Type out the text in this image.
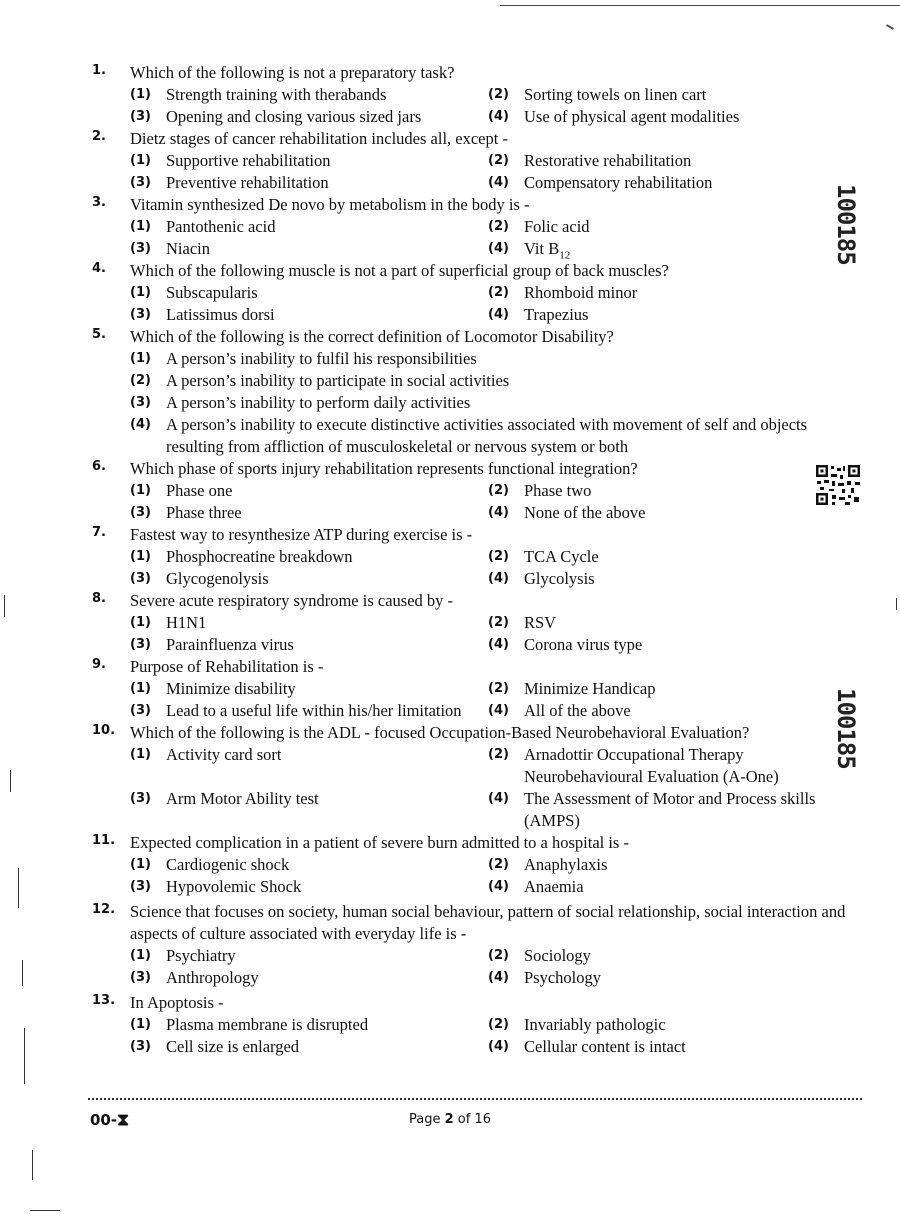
1.	Which of the following is not a preparatory task?
(1) Strength training with therabands	(2) Sorting towels on linen cart
(3) Opening and closing various sized jars	(4) Use of physical agent modalities
2.	Dietz stages of cancer rehabilitation includes all, except -
(1) Supportive rehabilitation	(2) Restorative rehabilitation
(3) Preventive rehabilitation	(4) Compensatory rehabilitation
3.	Vitamin synthesized De novo by metabolism in the body is -
(1) Pantothenic acid	(2) Folic acid
(3) Niacin	(4) Vit $B_{12}$
4.	Which of the following muscle is not a part of superficial group of back muscles?
(1) Subscapularis	(2) Rhomboid minor
(3) Latissimus dorsi	(4) Trapezius
5.	Which of the following is the correct definition of Locomotor Disability?
(1) A person’s inability to fulfil his responsibilities
(2) A person’s inability to participate in social activities
(3) A person’s inability to perform daily activities
(4) A person’s inability to execute distinctive activities associated with movement of self and objects resulting from affliction of musculoskeletal or nervous system or both
6.	Which phase of sports injury rehabilitation represents functional integration?
(1) Phase one	(2) Phase two
(3) Phase three	(4) None of the above
7.	Fastest way to resynthesize ATP during exercise is -
(1) Phosphocreatine breakdown	(2) TCA Cycle
(3) Glycogenolysis	(4) Glycolysis
8.	Severe acute respiratory syndrome is caused by -
(1) H1N1	(2) RSV
(3) Parainfluenza virus	(4) Corona virus type
9.	Purpose of Rehabilitation is -
(1) Minimize disability	(2) Minimize Handicap
(3) Lead to a useful life within his/her limitation	(4) All of the above
10. Which of the following is the ADL - focused Occupation-Based Neurobehavioral Evaluation?
(1) Activity card sort	(2) Arnadottir Occupational Therapy Neurobehavioural Evaluation (A-One)
(3) Arm Motor Ability test	(4) The Assessment of Motor and Process skills (AMPS)
11. Expected complication in a patient of severe burn admitted to a hospital is -
(1) Cardiogenic shock	(2) Anaphylaxis
(3) Hypovolemic Shock	(4) Anaemia
12. Science that focuses on society, human social behaviour, pattern of social relationship, social interaction and aspects of culture associated with everyday life is -
(1) Psychiatry	(2) Sociology
(3) Anthropology	(4) Psychology
13. In Apoptosis -
(1) Plasma membrane is disrupted	(2) Invariably pathologic
(3) Cell size is enlarged	(4) Cellular content is intact
100185
100185
00-⧗	Page 2 of 16
